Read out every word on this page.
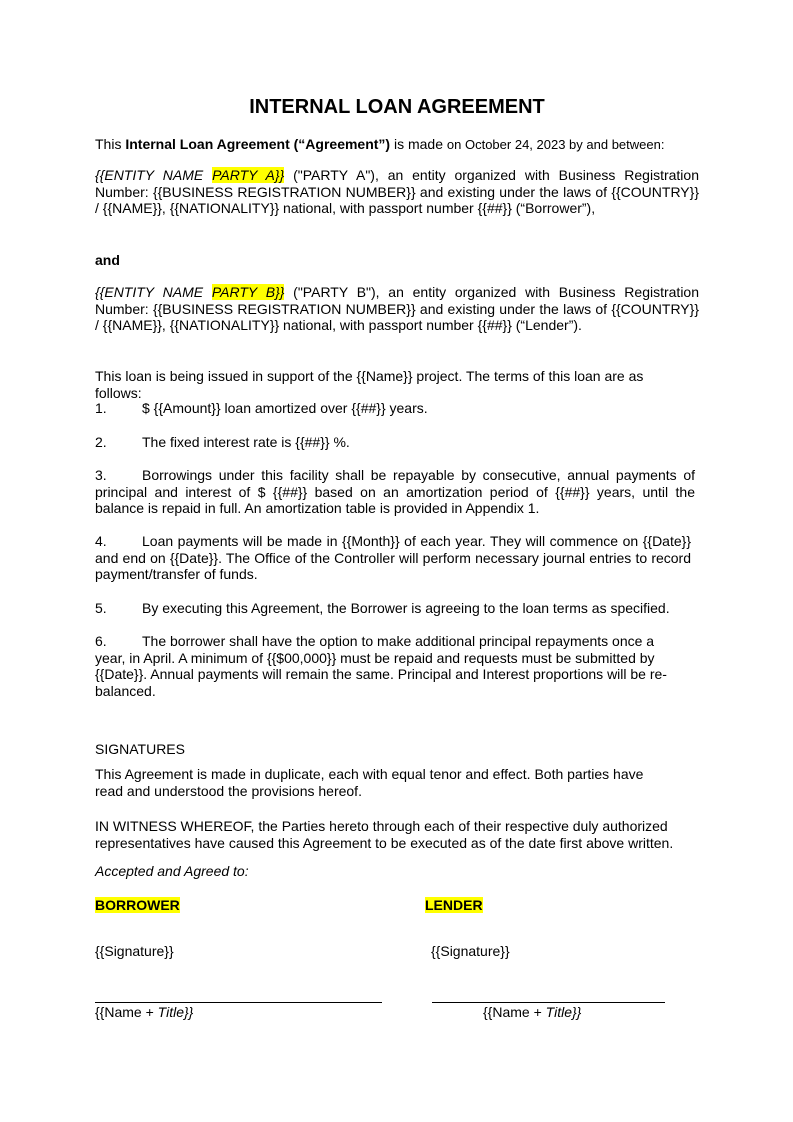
INTERNAL LOAN AGREEMENT
This Internal Loan Agreement (“Agreement”) is made on October 24, 2023 by and between:
{{ENTITY NAME PARTY A}} ("PARTY A"), an entity organized with Business Registration Number: {{BUSINESS REGISTRATION NUMBER}} and existing under the laws of {{COUNTRY}} / {{NAME}}, {{NATIONALITY}} national, with passport number {{##}} (“Borrower”),
and
{{ENTITY NAME PARTY B}} ("PARTY B"), an entity organized with Business Registration Number: {{BUSINESS REGISTRATION NUMBER}} and existing under the laws of {{COUNTRY}} / {{NAME}}, {{NATIONALITY}} national, with passport number {{##}} (“Lender”).
This loan is being issued in support of the {{Name}} project. The terms of this loan are as follows:
1.	$ {{Amount}} loan amortized over {{##}} years.
2.	The fixed interest rate is {{##}} %.
3.	Borrowings under this facility shall be repayable by consecutive, annual payments of principal and interest of $ {{##}} based on an amortization period of {{##}} years, until the balance is repaid in full. An amortization table is provided in Appendix 1.
4.	Loan payments will be made in {{Month}} of each year. They will commence on {{Date}} and end on {{Date}}. The Office of the Controller will perform necessary journal entries to record payment/transfer of funds.
5.	By executing this Agreement, the Borrower is agreeing to the loan terms as specified.
6.	The borrower shall have the option to make additional principal repayments once a year, in April. A minimum of {{$00,000}} must be repaid and requests must be submitted by {{Date}}. Annual payments will remain the same. Principal and Interest proportions will be re-balanced.
SIGNATURES
This Agreement is made in duplicate, each with equal tenor and effect. Both parties have read and understood the provisions hereof.
IN WITNESS WHEREOF, the Parties hereto through each of their respective duly authorized representatives have caused this Agreement to be executed as of the date first above written.
Accepted and Agreed to:
BORROWER	LENDER
{{Signature}}	{{Signature}}
{{Name + Title}}	{{Name + Title}}
